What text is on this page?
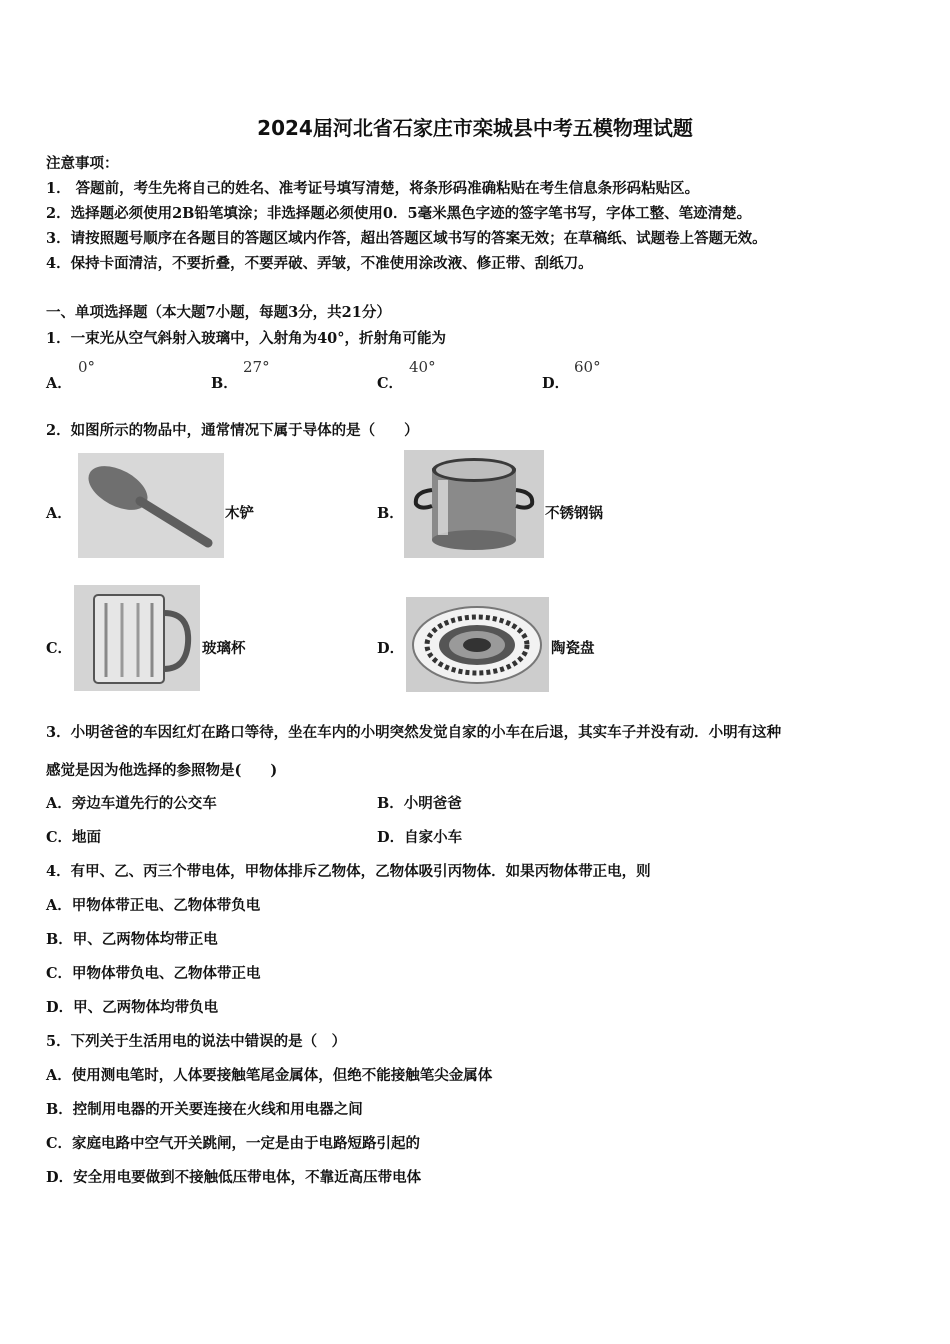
2024届河北省石家庄市栾城县中考五模物理试题
注意事项：
1． 答题前，考生先将自己的姓名、准考证号填写清楚，将条形码准确粘贴在考生信息条形码粘贴区。
2．选择题必须使用2B铅笔填涂；非选择题必须使用0．5毫米黑色字迹的签字笔书写，字体工整、笔迹清楚。
3．请按照题号顺序在各题目的答题区域内作答，超出答题区域书写的答案无效；在草稿纸、试题卷上答题无效。
4．保持卡面清洁，不要折叠，不要弄破、弄皱，不准使用涂改液、修正带、刮纸刀。
一、单项选择题（本大题7小题，每题3分，共21分）
1．一束光从空气斜射入玻璃中，入射角为40°，折射角可能为
A．
0°
B．
27°
C．
40°
D．
60°
2．如图所示的物品中，通常情况下属于导体的是（　　）
A．	木铲	B．	不锈钢锅
C．	玻璃杯	D．	陶瓷盘
3．小明爸爸的车因红灯在路口等待，坐在车内的小明突然发觉自家的小车在后退，其实车子并没有动．小明有这种
感觉是因为他选择的参照物是(　　)
A．旁边车道先行的公交车	B．小明爸爸
C．地面	D．自家小车
4．有甲、乙、丙三个带电体，甲物体排斥乙物体，乙物体吸引丙物体．如果丙物体带正电，则
A．甲物体带正电、乙物体带负电
B．甲、乙两物体均带正电
C．甲物体带负电、乙物体带正电
D．甲、乙两物体均带负电
5．下列关于生活用电的说法中错误的是（　）
A．使用测电笔时，人体要接触笔尾金属体，但绝不能接触笔尖金属体
B．控制用电器的开关要连接在火线和用电器之间
C．家庭电路中空气开关跳闸，一定是由于电路短路引起的
D．安全用电要做到不接触低压带电体，不靠近高压带电体
